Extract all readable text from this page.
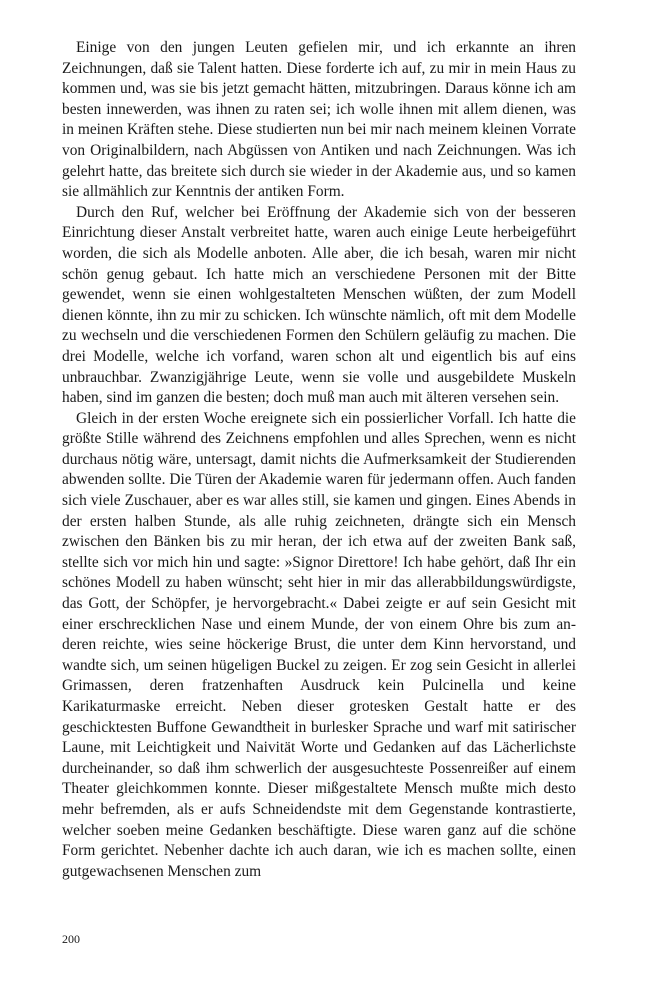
Einige von den jungen Leuten gefielen mir, und ich erkannte an ihren Zeichnungen, daß sie Talent hatten. Diese forderte ich auf, zu mir in mein Haus zu kommen und, was sie bis jetzt gemacht hätten, mitzubringen. Daraus könne ich am besten innewerden, was ihnen zu raten sei; ich wolle ihnen mit allem dienen, was in meinen Kräften stehe. Diese studierten nun bei mir nach meinem kleinen Vorrate von Originalbildern, nach Abgüssen von Antiken und nach Zeichnungen. Was ich gelehrt hatte, das breitete sich durch sie wieder in der Akademie aus, und so kamen sie allmählich zur Kenntnis der antiken Form.

Durch den Ruf, welcher bei Eröffnung der Akademie sich von der besseren Einrichtung dieser Anstalt verbreitet hatte, waren auch einige Leute herbeigeführt worden, die sich als Modelle anboten. Alle aber, die ich besah, waren mir nicht schön genug gebaut. Ich hatte mich an verschiedene Personen mit der Bitte gewendet, wenn sie einen wohlgestalteten Menschen wüßten, der zum Modell dienen könnte, ihn zu mir zu schicken. Ich wünschte nämlich, oft mit dem Modelle zu wechseln und die verschiedenen Formen den Schülern geläufig zu machen. Die drei Modelle, welche ich vorfand, waren schon alt und eigentlich bis auf eins unbrauchbar. Zwanzigjährige Leute, wenn sie volle und ausgebildete Muskeln haben, sind im ganzen die besten; doch muß man auch mit älteren versehen sein.

Gleich in der ersten Woche ereignete sich ein possierlicher Vorfall. Ich hatte die größte Stille während des Zeichnens empfohlen und alles Sprechen, wenn es nicht durchaus nötig wäre, untersagt, damit nichts die Aufmerksamkeit der Studierenden abwenden sollte. Die Türen der Akademie waren für jedermann offen. Auch fanden sich viele Zuschauer, aber es war alles still, sie kamen und gingen. Eines Abends in der ersten halben Stunde, als alle ruhig zeichneten, drängte sich ein Mensch zwischen den Bänken bis zu mir heran, der ich etwa auf der zweiten Bank saß, stellte sich vor mich hin und sagte: »Signor Direttore! Ich habe gehört, daß Ihr ein schönes Modell zu haben wünscht; seht hier in mir das allerabbildungswürdigste, das Gott, der Schöpfer, je hervorgebracht.« Dabei zeigte er auf sein Gesicht mit einer erschrecklichen Nase und einem Munde, der von einem Ohre bis zum anderen reichte, wies seine höckerige Brust, die unter dem Kinn hervorstand, und wandte sich, um seinen hügeligen Buckel zu zeigen. Er zog sein Gesicht in allerlei Grimassen, deren fratzenhaften Ausdruck kein Pulcinella und keine Karikaturmaske erreicht. Neben dieser grotesken Gestalt hatte er des geschicktesten Buffone Gewandtheit in burlesker Sprache und warf mit satirischer Laune, mit Leichtigkeit und Naivität Worte und Gedanken auf das Lächerlichste durcheinander, so daß ihm schwerlich der ausgesuchteste Possenreißer auf einem Theater gleichkommen konnte. Dieser mißgestaltete Mensch mußte mich desto mehr befremden, als er aufs Schneidendste mit dem Gegenstande kontrastierte, welcher soeben meine Gedanken beschäftigte. Diese waren ganz auf die schöne Form gerichtet. Nebenher dachte ich auch daran, wie ich es machen sollte, einen gutgewachsenen Menschen zum

200
